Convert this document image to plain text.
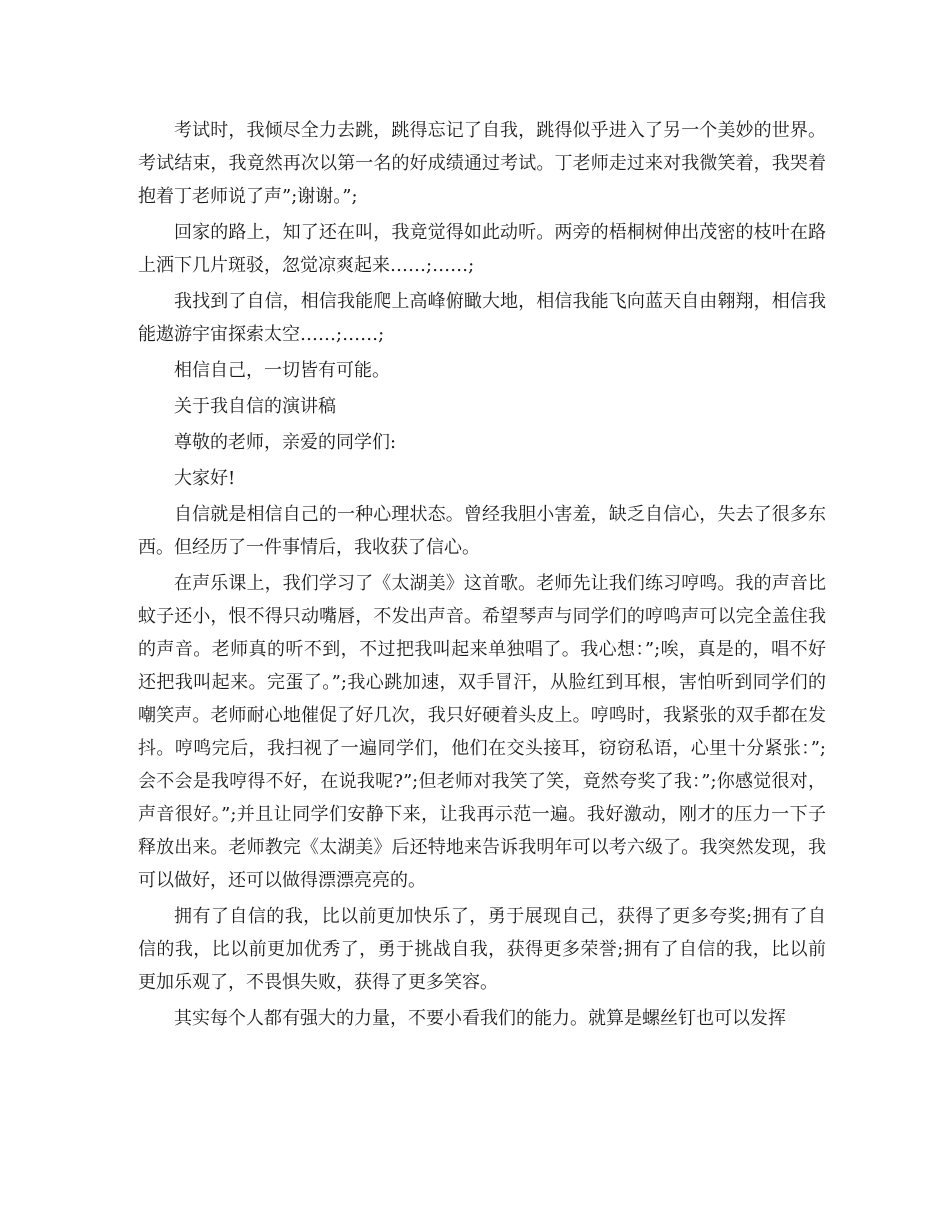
考试时，我倾尽全力去跳，跳得忘记了自我，跳得似乎进入了另一个美妙的世界。考试结束，我竟然再次以第一名的好成绩通过考试。丁老师走过来对我微笑着，我哭着抱着丁老师说了声”;谢谢。”;

回家的路上，知了还在叫，我竟觉得如此动听。两旁的梧桐树伸出茂密的枝叶在路上洒下几片斑驳，忽觉凉爽起来……;……;

我找到了自信，相信我能爬上高峰俯瞰大地，相信我能飞向蓝天自由翱翔，相信我能遨游宇宙探索太空……;……;

相信自己，一切皆有可能。

关于我自信的演讲稿

尊敬的老师，亲爱的同学们:

大家好!

自信就是相信自己的一种心理状态。曾经我胆小害羞，缺乏自信心，失去了很多东西。但经历了一件事情后，我收获了信心。

在声乐课上，我们学习了《太湖美》这首歌。老师先让我们练习哼鸣。我的声音比蚊子还小，恨不得只动嘴唇，不发出声音。希望琴声与同学们的哼鸣声可以完全盖住我的声音。老师真的听不到，不过把我叫起来单独唱了。我心想：”;唉，真是的，唱不好还把我叫起来。完蛋了。”;我心跳加速，双手冒汗，从脸红到耳根，害怕听到同学们的嘲笑声。老师耐心地催促了好几次，我只好硬着头皮上。哼鸣时，我紧张的双手都在发抖。哼鸣完后，我扫视了一遍同学们，他们在交头接耳，窃窃私语，心里十分紧张：”;会不会是我哼得不好，在说我呢?”;但老师对我笑了笑，竟然夸奖了我：”;你感觉很对，声音很好。”;并且让同学们安静下来，让我再示范一遍。我好激动，刚才的压力一下子释放出来。老师教完《太湖美》后还特地来告诉我明年可以考六级了。我突然发现，我可以做好，还可以做得漂漂亮亮的。

拥有了自信的我，比以前更加快乐了，勇于展现自己，获得了更多夸奖;拥有了自信的我，比以前更加优秀了，勇于挑战自我，获得更多荣誉;拥有了自信的我，比以前更加乐观了，不畏惧失败，获得了更多笑容。

其实每个人都有强大的力量，不要小看我们的能力。就算是螺丝钉也可以发挥
